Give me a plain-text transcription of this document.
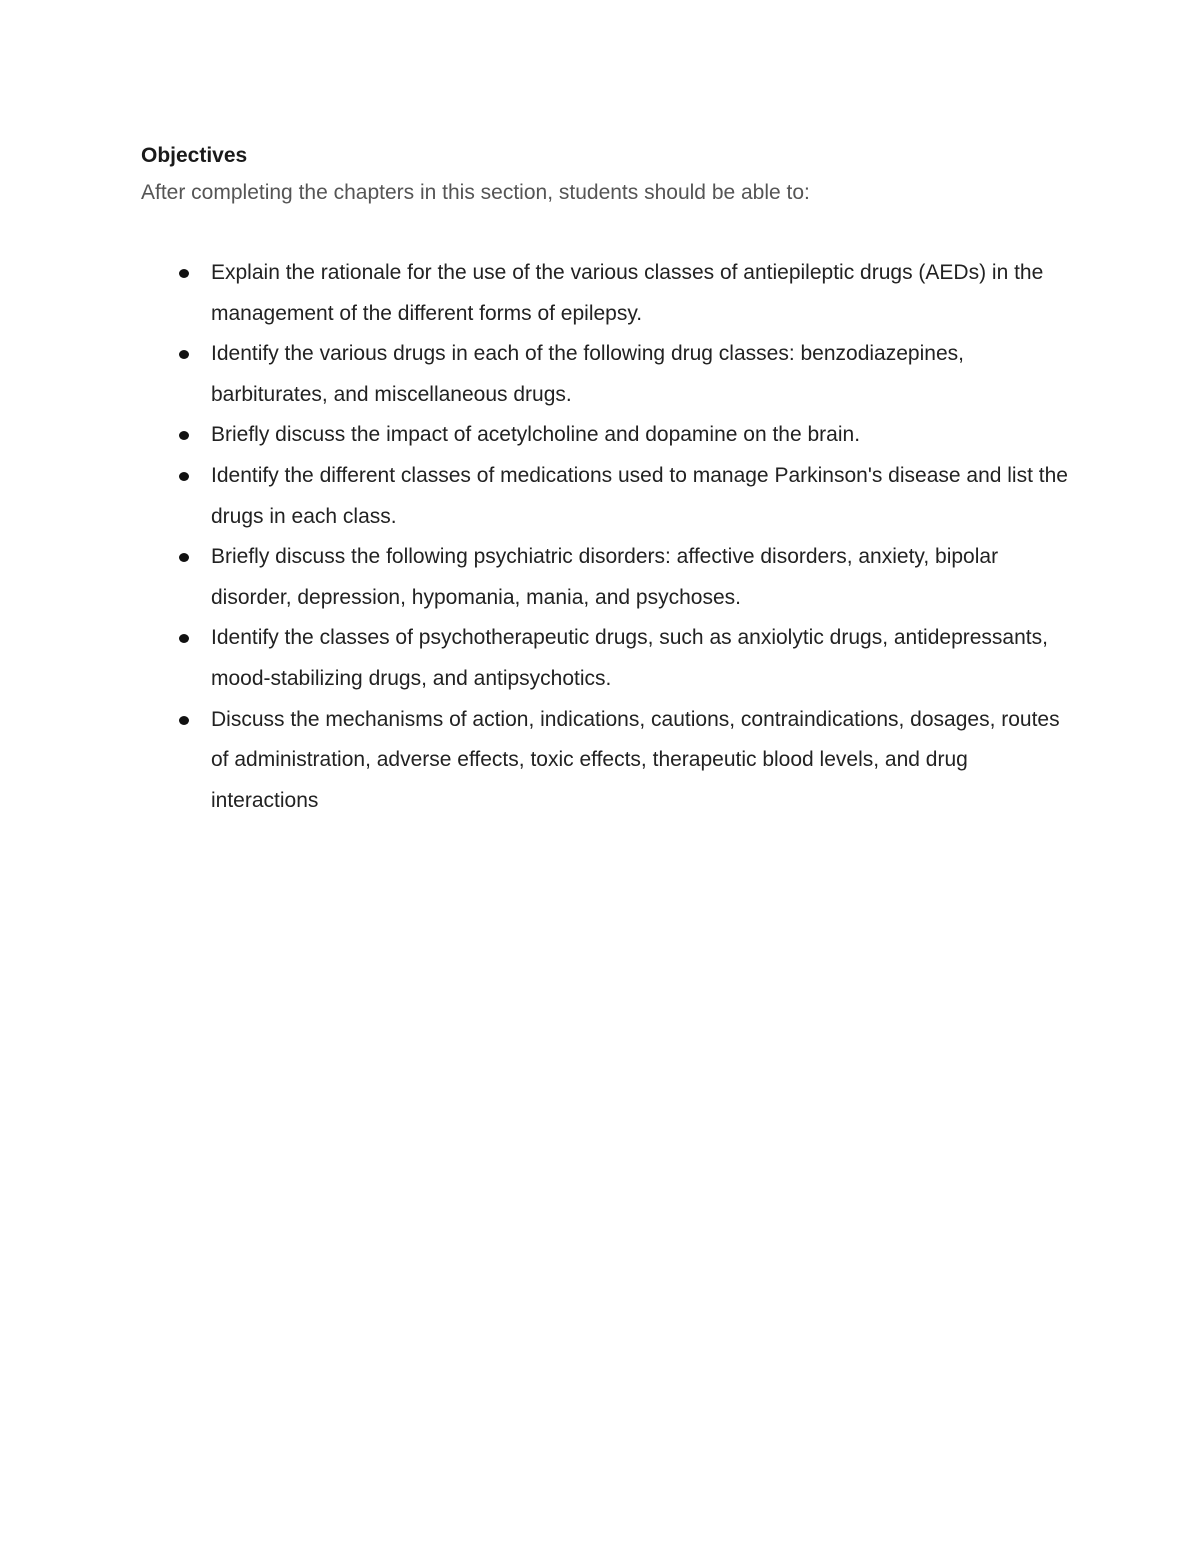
Objectives
After completing the chapters in this section, students should be able to:
Explain the rationale for the use of the various classes of antiepileptic drugs (AEDs) in the management of the different forms of epilepsy.
Identify the various drugs in each of the following drug classes: benzodiazepines, barbiturates, and miscellaneous drugs.
Briefly discuss the impact of acetylcholine and dopamine on the brain.
Identify the different classes of medications used to manage Parkinson's disease and list the drugs in each class.
Briefly discuss the following psychiatric disorders: affective disorders, anxiety, bipolar disorder, depression, hypomania, mania, and psychoses.
Identify the classes of psychotherapeutic drugs, such as anxiolytic drugs, antidepressants, mood-stabilizing drugs, and antipsychotics.
Discuss the mechanisms of action, indications, cautions, contraindications, dosages, routes of administration, adverse effects, toxic effects, therapeutic blood levels, and drug interactions
